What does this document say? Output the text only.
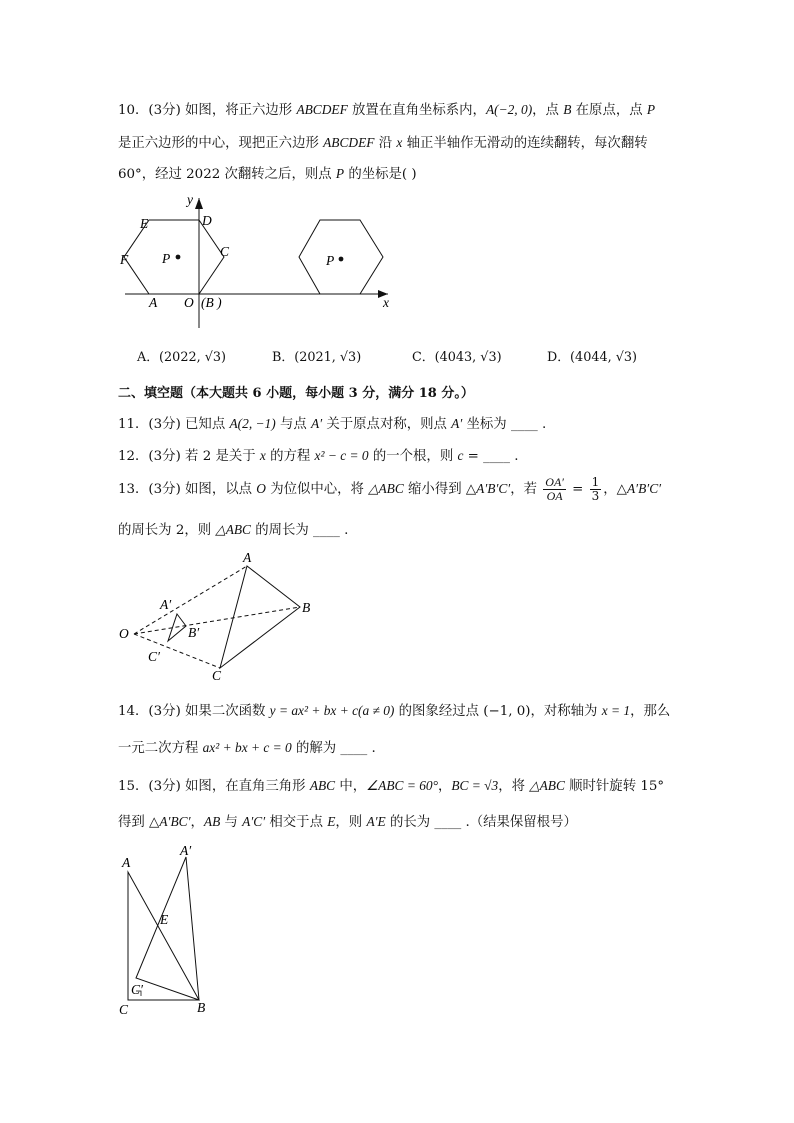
10．(3分) 如图，将正六边形 ABCDEF 放置在直角坐标系内，A(−2, 0)，点 B 在原点，点 P
是正六边形的中心，现把正六边形 ABCDEF 沿 x 轴正半轴作无滑动的连续翻转，每次翻转
60°，经过 2022 次翻转之后，则点 P 的坐标是( )
y
D
E
F
C
P	P
A O (B )	x
A．(2022, √3)	B．(2021, √3)	C．(4043, √3)	D．(4044, √3)
二、填空题（本大题共 6 小题，每小题 3 分，满分 18 分。）
11．(3分) 已知点 A(2, −1) 与点 A′ 关于原点对称，则点 A′ 坐标为 ____ .
12．(3分) 若 2 是关于 x 的方程 x² − c = 0 的一个根，则 c = ____ .
13．(3分) 如图，以点 O 为位似中心，将 △ABC 缩小得到 △A′B′C′，若 $\frac{OA'}{OA} = \frac{1}{3}$ ，△A′B′C′
的周长为 2，则 △ABC 的周长为 ____ .
A
B
C
O
A′
B′
C′
14．(3分) 如果二次函数 y = ax² + bx + c(a ≠ 0) 的图象经过点 (−1, 0)，对称轴为 x = 1，那么
一元二次方程 ax² + bx + c = 0 的解为 ____ .
15．(3分) 如图，在直角三角形 ABC 中，∠ABC = 60°，BC = √3，将 △ABC 顺时针旋转 15°
得到 △A′BC′，AB 与 A′C′ 相交于点 E，则 A′E 的长为 ____ .（结果保留根号）
A
A′
E
C′
C	B
